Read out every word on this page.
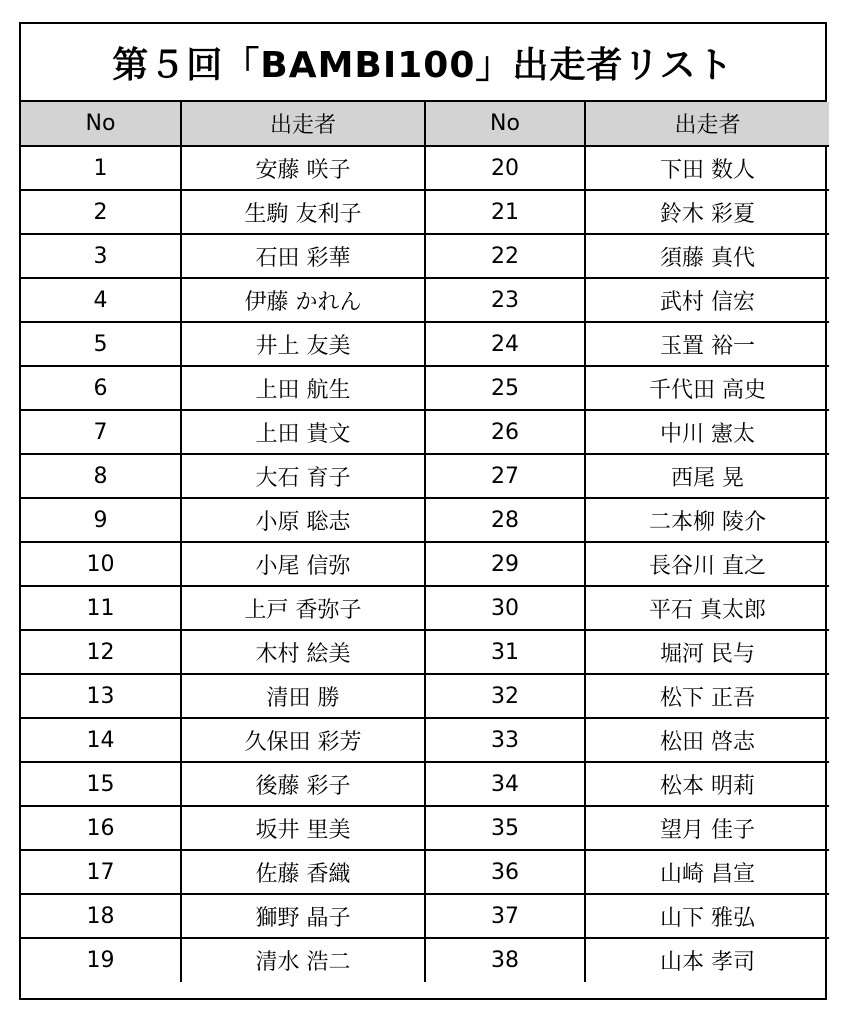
第５回「BAMBI100」出走者リスト
No	出走者	No	出走者
1	安藤 咲子	20	下田 数人
2	生駒 友利子	21	鈴木 彩夏
3	石田 彩華	22	須藤 真代
4	伊藤 かれん	23	武村 信宏
5	井上 友美	24	玉置 裕一
6	上田 航生	25	千代田 高史
7	上田 貴文	26	中川 憲太
8	大石 育子	27	西尾 晃
9	小原 聡志	28	二本柳 陵介
10	小尾 信弥	29	長谷川 直之
11	上戸 香弥子	30	平石 真太郎
12	木村 絵美	31	堀河 民与
13	清田 勝	32	松下 正吾
14	久保田 彩芳	33	松田 啓志
15	後藤 彩子	34	松本 明莉
16	坂井 里美	35	望月 佳子
17	佐藤 香織	36	山崎 昌宣
18	獅野 晶子	37	山下 雅弘
19	清水 浩二	38	山本 孝司
